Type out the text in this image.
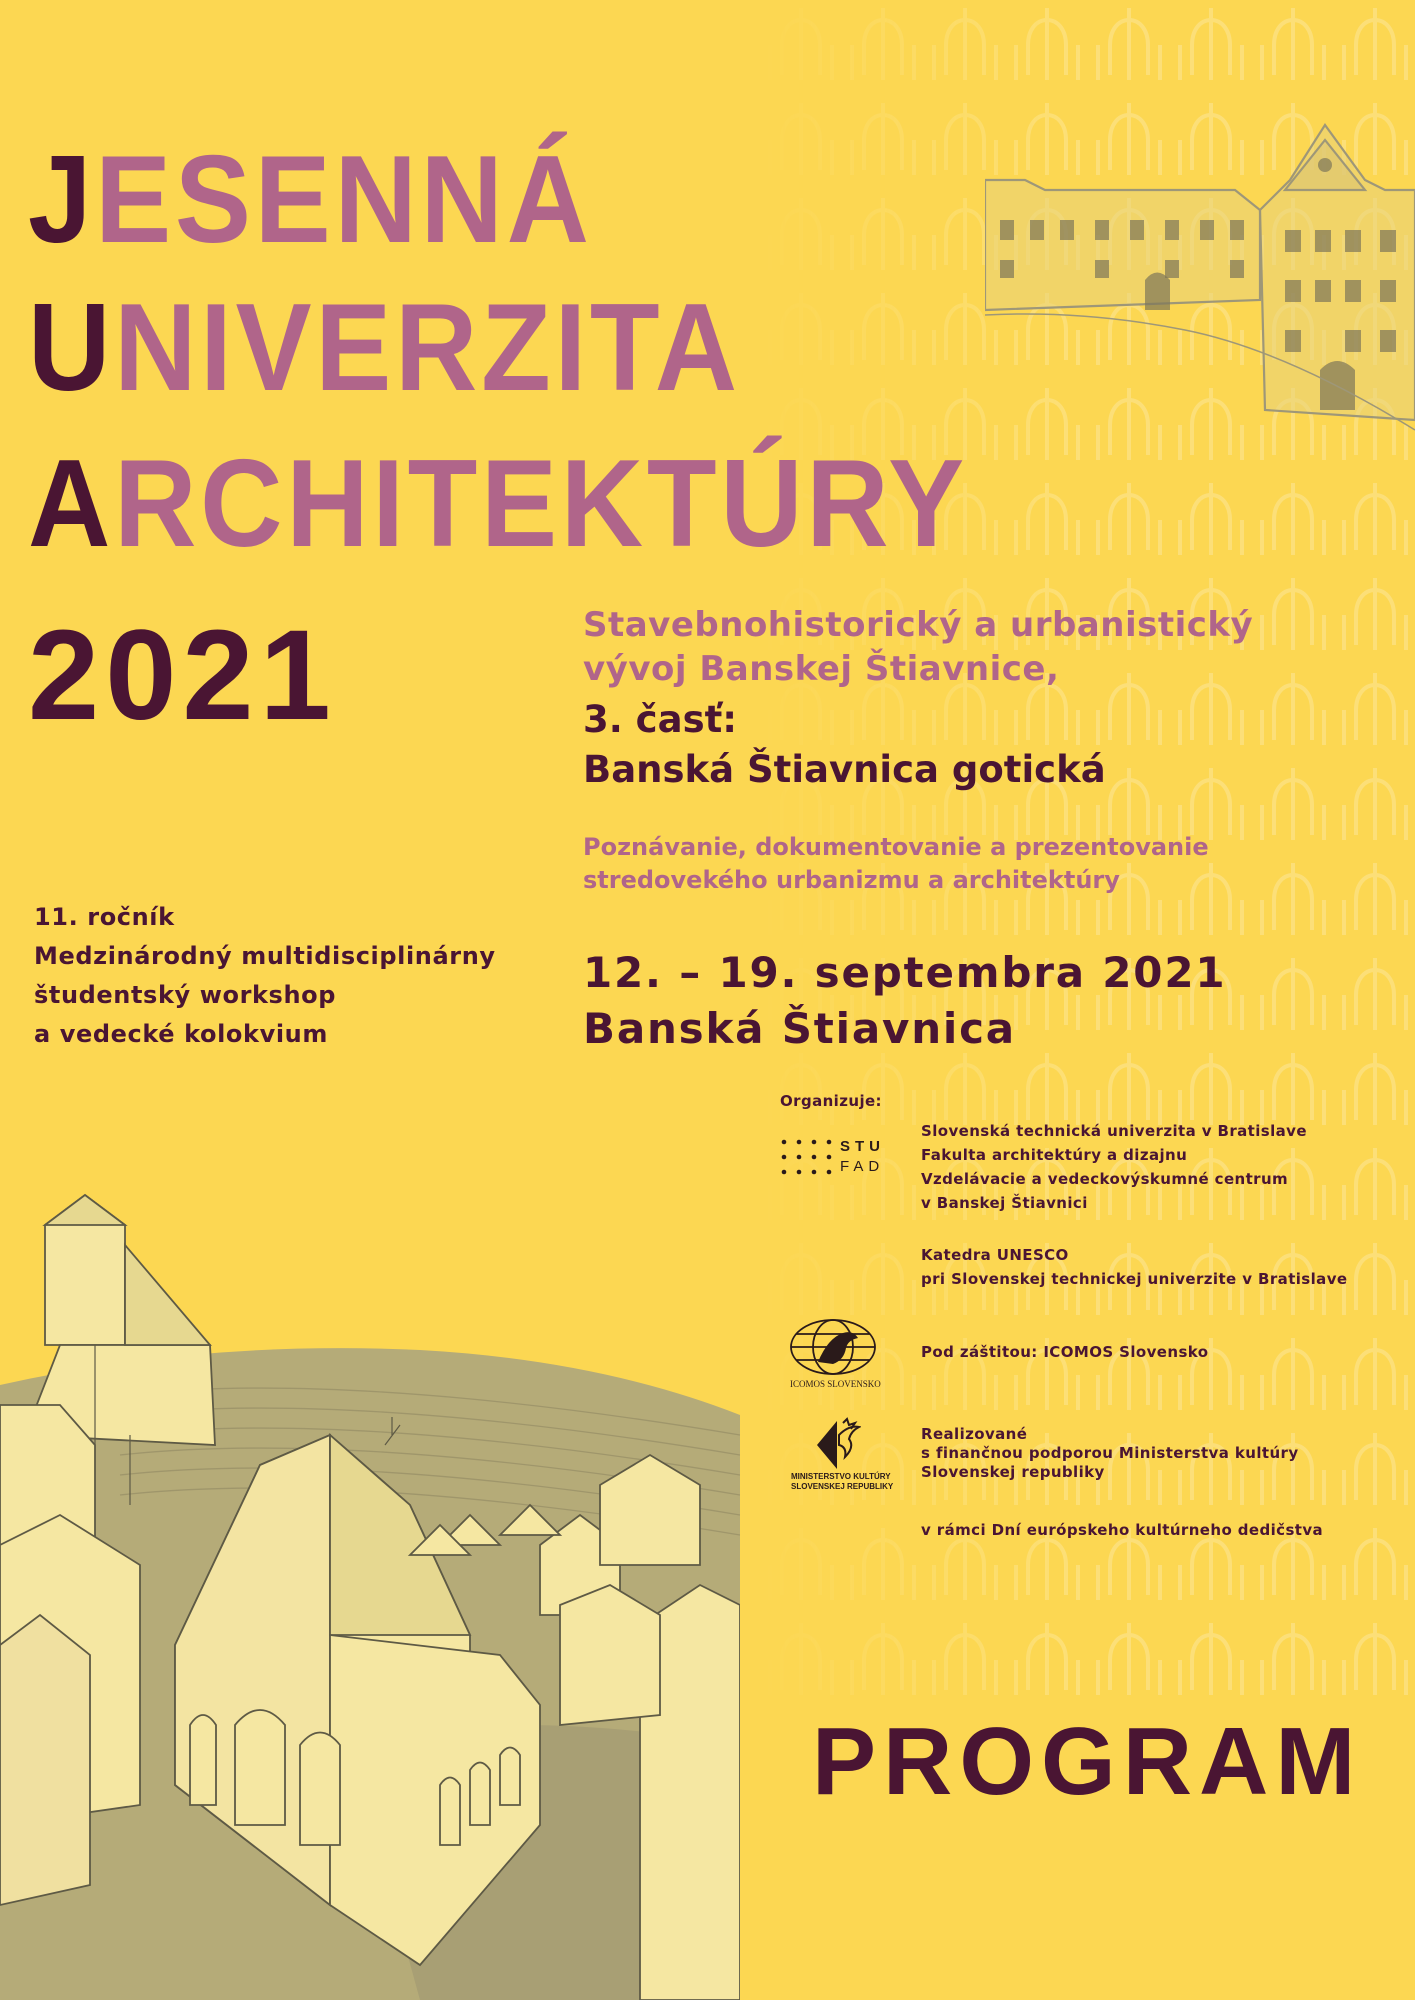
JESENNÁ
UNIVERZITA
ARCHITEKTÚRY
2021	Stavebnohistorický a urbanistický
vývoj Banskej Štiavnice,
3. časť:
Banská Štiavnica gotická
Poznávanie, dokumentovanie a prezentovanie
stredovekého urbanizmu a architektúry
11. ročník
Medzinárodný multidisciplinárny
študentský workshop
a vedecké kolokvium
12. – 19. septembra 2021
Banská Štiavnica
Organizuje:
STU
FAD
Slovenská technická univerzita v Bratislave
Fakulta architektúry a dizajnu
Vzdelávacie a vedeckovýskumné centrum
v Banskej Štiavnici
Katedra UNESCO
pri Slovenskej technickej univerzite v Bratislave
ICOMOS SLOVENSKO
Pod záštitou: ICOMOS Slovensko
MINISTERSTVO KULTÚRY
SLOVENSKEJ REPUBLIKY
Realizované
s finančnou podporou Ministerstva kultúry
Slovenskej republiky
v rámci Dní európskeho kultúrneho dedičstva
PROGRAM
